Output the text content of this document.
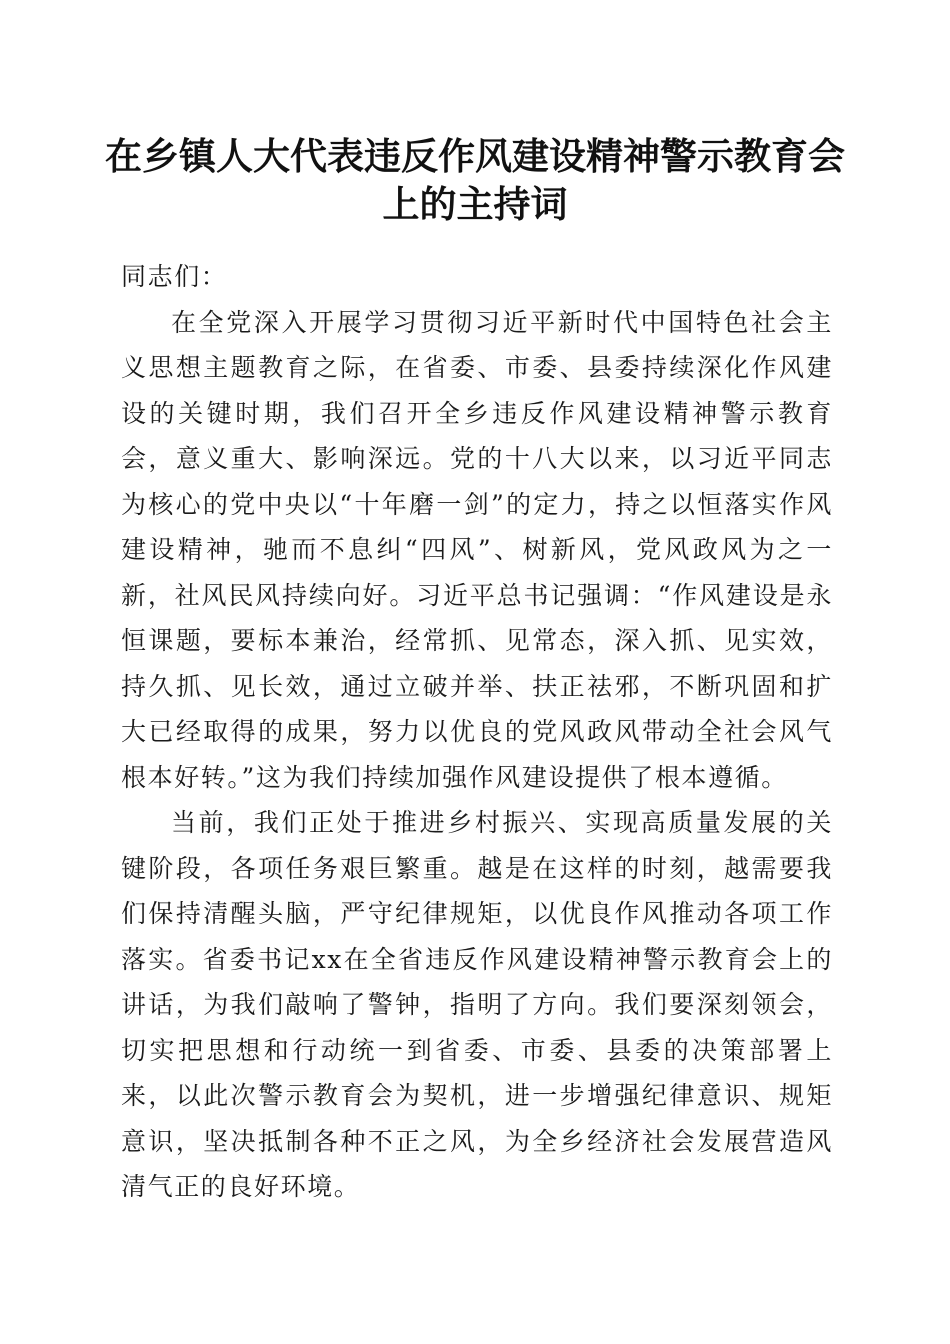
在乡镇人大代表违反作风建设精神警示教育会上的主持词

同志们：

在全党深入开展学习贯彻习近平新时代中国特色社会主义思想主题教育之际，在省委、市委、县委持续深化作风建设的关键时期，我们召开全乡违反作风建设精神警示教育会，意义重大、影响深远。党的十八大以来，以习近平同志为核心的党中央以“十年磨一剑”的定力，持之以恒落实作风建设精神，驰而不息纠“四风”、树新风，党风政风为之一新，社风民风持续向好。习近平总书记强调：“作风建设是永恒课题，要标本兼治，经常抓、见常态，深入抓、见实效，持久抓、见长效，通过立破并举、扶正祛邪，不断巩固和扩大已经取得的成果，努力以优良的党风政风带动全社会风气根本好转。”这为我们持续加强作风建设提供了根本遵循。

当前，我们正处于推进乡村振兴、实现高质量发展的关键阶段，各项任务艰巨繁重。越是在这样的时刻，越需要我们保持清醒头脑，严守纪律规矩，以优良作风推动各项工作落实。省委书记xx在全省违反作风建设精神警示教育会上的讲话，为我们敲响了警钟，指明了方向。我们要深刻领会，切实把思想和行动统一到省委、市委、县委的决策部署上来，以此次警示教育会为契机，进一步增强纪律意识、规矩意识，坚决抵制各种不正之风，为全乡经济社会发展营造风清气正的良好环境。
